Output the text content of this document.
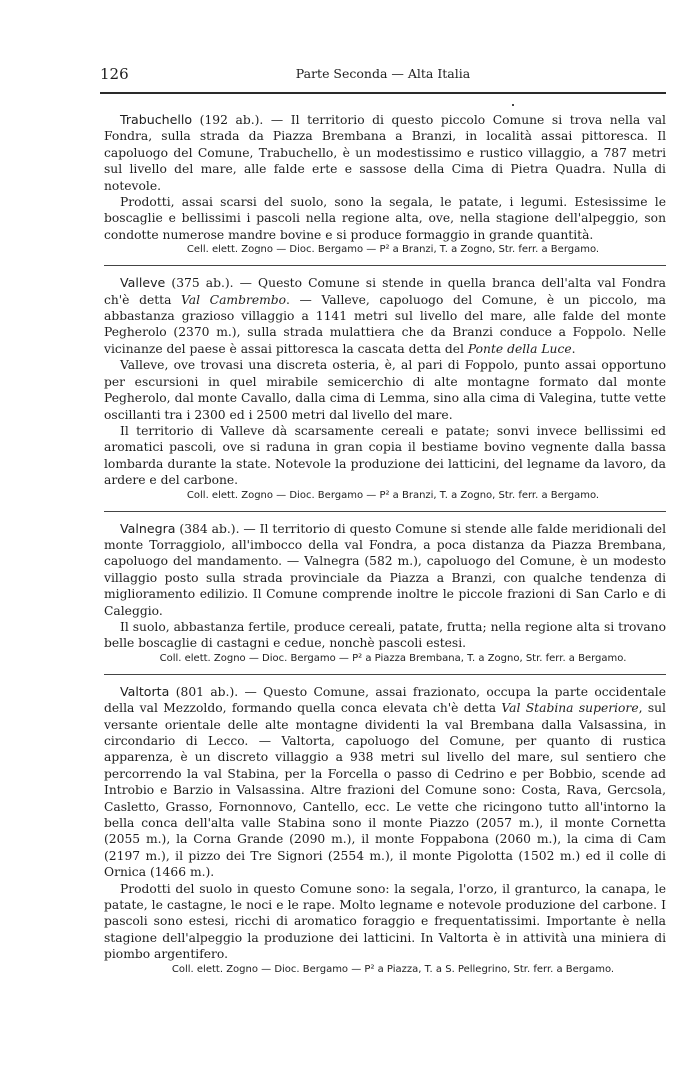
126	Parte Seconda — Alta Italia

Trabuchello (192 ab.). — Il territorio di questo piccolo Comune si trova nella val Fondra, sulla strada da Piazza Brembana a Branzi, in località assai pittoresca. Il capoluogo del Comune, Trabuchello, è un modestissimo e rustico villaggio, a 787 metri sul livello del mare, alle falde erte e sassose della Cima di Pietra Quadra. Nulla di notevole.

Prodotti, assai scarsi del suolo, sono la segala, le patate, i legumi. Estesissime le boscaglie e bellissimi i pascoli nella regione alta, ove, nella stagione dell'alpeggio, son condotte numerose mandre bovine e si produce formaggio in grande quantità.

Cell. elett. Zogno — Dioc. Bergamo — P² a Branzi, T. a Zogno, Str. ferr. a Bergamo.

Valleve (375 ab.). — Questo Comune si stende in quella branca dell'alta val Fondra ch'è detta Val Cambrembo. — Valleve, capoluogo del Comune, è un piccolo, ma abbastanza grazioso villaggio a 1141 metri sul livello del mare, alle falde del monte Pegherolo (2370 m.), sulla strada mulattiera che da Branzi conduce a Foppolo. Nelle vicinanze del paese è assai pittoresca la cascata detta del Ponte della Luce.

Valleve, ove trovasi una discreta osteria, è, al pari di Foppolo, punto assai opportuno per escursioni in quel mirabile semicerchio di alte montagne formato dal monte Pegherolo, dal monte Cavallo, dalla cima di Lemma, sino alla cima di Valegina, tutte vette oscillanti tra i 2300 ed i 2500 metri dal livello del mare.

Il territorio di Valleve dà scarsamente cereali e patate; sonvi invece bellissimi ed aromatici pascoli, ove si raduna in gran copia il bestiame bovino vegnente dalla bassa lombarda durante la state. Notevole la produzione dei latticini, del legname da lavoro, da ardere e del carbone.

Coll. elett. Zogno — Dioc. Bergamo — P² a Branzi, T. a Zogno, Str. ferr. a Bergamo.

Valnegra (384 ab.). — Il territorio di questo Comune si stende alle falde meridionali del monte Torraggiolo, all'imbocco della val Fondra, a poca distanza da Piazza Brembana, capoluogo del mandamento. — Valnegra (582 m.), capoluogo del Comune, è un modesto villaggio posto sulla strada provinciale da Piazza a Branzi, con qualche tendenza di miglioramento edilizio. Il Comune comprende inoltre le piccole frazioni di San Carlo e di Caleggio.

Il suolo, abbastanza fertile, produce cereali, patate, frutta; nella regione alta si trovano belle boscaglie di castagni e cedue, nonchè pascoli estesi.

Coll. elett. Zogno — Dioc. Bergamo — P² a Piazza Brembana, T. a Zogno, Str. ferr. a Bergamo.

Valtorta (801 ab.). — Questo Comune, assai frazionato, occupa la parte occidentale della val Mezzoldo, formando quella conca elevata ch'è detta Val Stabina superiore, sul versante orientale delle alte montagne dividenti la val Brembana dalla Valsassina, in circondario di Lecco. — Valtorta, capoluogo del Comune, per quanto di rustica apparenza, è un discreto villaggio a 938 metri sul livello del mare, sul sentiero che percorrendo la val Stabina, per la Forcella o passo di Cedrino e per Bobbio, scende ad Introbio e Barzio in Valsassina. Altre frazioni del Comune sono: Costa, Rava, Gercsola, Casletto, Grasso, Fornonnovo, Cantello, ecc. Le vette che ricingono tutto all'intorno la bella conca dell'alta valle Stabina sono il monte Piazzo (2057 m.), il monte Cornetta (2055 m.), la Corna Grande (2090 m.), il monte Foppabona (2060 m.), la cima di Cam (2197 m.), il pizzo dei Tre Signori (2554 m.), il monte Pigolotta (1502 m.) ed il colle di Ornica (1466 m.).

Prodotti del suolo in questo Comune sono: la segala, l'orzo, il granturco, la canapa, le patate, le castagne, le noci e le rape. Molto legname e notevole produzione del carbone. I pascoli sono estesi, ricchi di aromatico foraggio e frequentatissimi. Importante è nella stagione dell'alpeggio la produzione dei latticini. In Valtorta è in attività una miniera di piombo argentifero.

Coll. elett. Zogno — Dioc. Bergamo — P² a Piazza, T. a S. Pellegrino, Str. ferr. a Bergamo.
